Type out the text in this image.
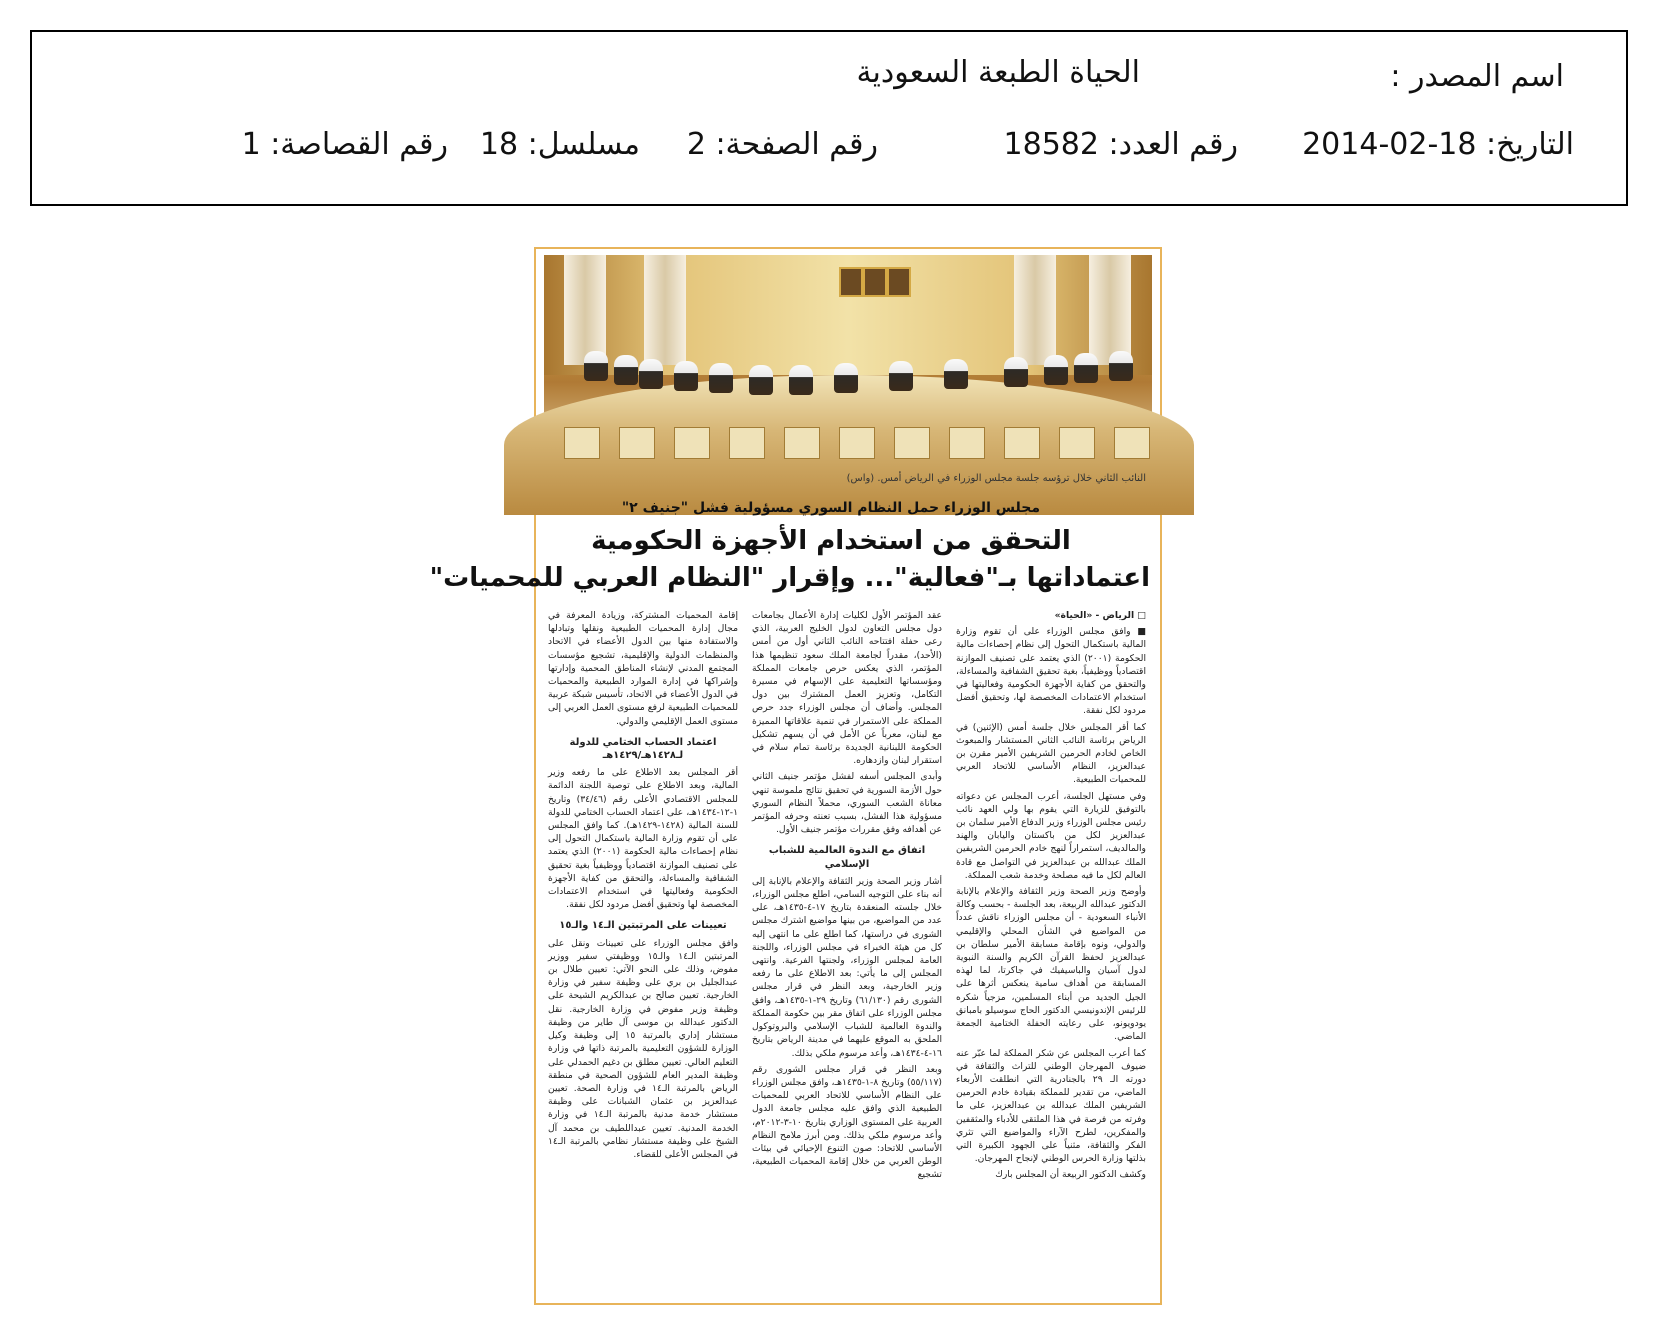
اسم المصدر :
الحياة الطبعة السعودية
التاريخ: 18-02-2014
رقم العدد: 18582
رقم الصفحة: 2
مسلسل: 18
رقم القصاصة: 1
النائب الثاني خلال ترؤسه جلسة مجلس الوزراء في الرياض أمس. (واس)
مجلس الوزراء حمل النظام السوري مسؤولية فشل "جنيف ٢"
التحقق من استخدام الأجهزة الحكومية
اعتماداتها بـ"فعالية"... وإقرار "النظام العربي للمحميات"

□ الرياض - «الحياة»

■ وافق مجلس الوزراء على أن تقوم وزارة المالية باستكمال التحول إلى نظام إحصاءات مالية الحكومة (٢٠٠١) الذي يعتمد على تصنيف الموازنة اقتصادياً ووظيفياً، بغية تحقيق الشفافية والمساءلة، والتحقق من كفاية الأجهزة الحكومية وفعاليتها في استخدام الاعتمادات المخصصة لها، وتحقيق أفضل مردود لكل نفقة.

كما أقر المجلس خلال جلسة أمس (الإثنين) في الرياض برئاسة النائب الثاني المستشار والمبعوث الخاص لخادم الحرمين الشريفين الأمير مقرن بن عبدالعزيز، النظام الأساسي للاتحاد العربي للمحميات الطبيعية.

وفي مستهل الجلسة، أعرب المجلس عن دعواته بالتوفيق للزيارة التي يقوم بها ولي العهد نائب رئيس مجلس الوزراء وزير الدفاع الأمير سلمان بن عبدالعزيز لكل من باكستان واليابان والهند والمالديف، استمراراً لنهج خادم الحرمين الشريفين الملك عبدالله بن عبدالعزيز في التواصل مع قادة العالم لكل ما فيه مصلحة وخدمة شعب المملكة.

وأوضح وزير الصحة وزير الثقافة والإعلام بالإنابة الدكتور عبدالله الربيعة، بعد الجلسة - بحسب وكالة الأنباء السعودية - أن مجلس الوزراء ناقش عدداً من المواضيع في الشأن المحلي والإقليمي والدولي، ونوه بإقامة مسابقة الأمير سلطان بن عبدالعزيز لحفظ القرآن الكريم والسنة النبوية لدول آسيان والباسيفيك في جاكرتا، لما لهذه المسابقة من أهداف سامية ينعكس أثرها على الجيل الجديد من أبناء المسلمين، مزجياً شكره للرئيس الإندونيسي الدكتور الحاج سوسيلو بامبانق يودويونو، على رعايته الحفلة الختامية الجمعة الماضي.

كما أعرب المجلس عن شكر المملكة لما عبّر عنه ضيوف المهرجان الوطني للتراث والثقافة في دورته الـ ٢٩ بالجنادرية التي انطلقت الأربعاء الماضي، من تقدير للمملكة بقيادة خادم الحرمين الشريفين الملك عبدالله بن عبدالعزيز، على ما وفرته من فرصة في هذا الملتقى للأدباء والمثقفين والمفكرين، لطرح الآراء والمواضيع التي تثري الفكر والثقافة، مثنياً على الجهود الكبيرة التي بذلتها وزارة الحرس الوطني لإنجاح المهرجان.

وكشف الدكتور الربيعة أن المجلس بارك

عقد المؤتمر الأول لكليات إدارة الأعمال بجامعات دول مجلس التعاون لدول الخليج العربية، الذي رعى حفلة افتتاحه النائب الثاني أول من أمس (الأحد)، مقدراً لجامعة الملك سعود تنظيمها هذا المؤتمر، الذي يعكس حرص جامعات المملكة ومؤسساتها التعليمية على الإسهام في مسيرة التكامل، وتعزيز العمل المشترك بين دول المجلس. وأضاف أن مجلس الوزراء جدد حرص المملكة على الاستمرار في تنمية علاقاتها المميزة مع لبنان، معرباً عن الأمل في أن يسهم تشكيل الحكومة اللبنانية الجديدة برئاسة تمام سلام في استقرار لبنان وازدهاره.

وأبدى المجلس أسفه لفشل مؤتمر جنيف الثاني حول الأزمة السورية في تحقيق نتائج ملموسة تنهي معاناة الشعب السوري، محملاً النظام السوري مسؤولية هذا الفشل، بسبب تعنته وحرفه المؤتمر عن أهدافه وفق مقررات مؤتمر جنيف الأول.

اتفاق مع الندوة العالمية للشباب الإسلامي

أشار وزير الصحة وزير الثقافة والإعلام بالإنابة إلى أنه بناء على التوجيه السامي، اطلع مجلس الوزراء، خلال جلسته المنعقدة بتاريخ ١٧-٤-١٤٣٥هـ، على عدد من المواضيع، من بينها مواضيع اشترك مجلس الشورى في دراستها، كما اطلع على ما انتهى إليه كل من هيئة الخبراء في مجلس الوزراء، واللجنة العامة لمجلس الوزراء، ولجنتها الفرعية. وانتهى المجلس إلى ما يأتي: بعد الاطلاع على ما رفعه وزير الخارجية، وبعد النظر في قرار مجلس الشورى رقم (٦١/١٣٠) وتاريخ ٢٩-١-١٤٣٥هـ، وافق مجلس الوزراء على اتفاق مقر بين حكومة المملكة والندوة العالمية للشباب الإسلامي والبروتوكول الملحق به الموقع عليهما في مدينة الرياض بتاريخ ١٦-٤-١٤٣٤هـ، وأعد مرسوم ملكي بذلك.

وبعد النظر في قرار مجلس الشورى رقم (٥٥/١١٧) وتاريخ ٨-١-١٤٣٥هـ، وافق مجلس الوزراء على النظام الأساسي للاتحاد العربي للمحميات الطبيعية الذي وافق عليه مجلس جامعة الدول العربية على المستوى الوزاري بتاريخ ١٠-٣-٢٠١٢م، وأعد مرسوم ملكي بذلك. ومن أبرز ملامح النظام الأساسي للاتحاد: صون التنوع الإحيائي في بيئات الوطن العربي من خلال إقامة المحميات الطبيعية، تشجيع

إقامة المحميات المشتركة، وزيادة المعرفة في مجال إدارة المحميات الطبيعية ونقلها وتبادلها والاستفادة منها بين الدول الأعضاء في الاتحاد والمنظمات الدولية والإقليمية، تشجيع مؤسسات المجتمع المدني لإنشاء المناطق المحمية وإدارتها وإشراكها في إدارة الموارد الطبيعية والمحميات في الدول الأعضاء في الاتحاد، تأسيس شبكة عربية للمحميات الطبيعية لرفع مستوى العمل العربي إلى مستوى العمل الإقليمي والدولي.

اعتماد الحساب الختامي للدولة لـ١٤٢٨هـ/١٤٢٩هـ

أقر المجلس بعد الاطلاع على ما رفعه وزير المالية، وبعد الاطلاع على توصية اللجنة الدائمة للمجلس الاقتصادي الأعلى رقم (٣٤/٤٦) وتاريخ ١-١٢-١٤٣٤هـ، على اعتماد الحساب الختامي للدولة للسنة المالية (١٤٢٨-١٤٢٩هـ). كما وافق المجلس على أن تقوم وزارة المالية باستكمال التحول إلى نظام إحصاءات مالية الحكومة (٢٠٠١) الذي يعتمد على تصنيف الموازنة اقتصادياً ووظيفياً بغية تحقيق الشفافية والمساءلة، والتحقق من كفاية الأجهزة الحكومية وفعاليتها في استخدام الاعتمادات المخصصة لها وتحقيق أفضل مردود لكل نفقة.

تعيينات على المرتبتين الـ١٤ والـ١٥

وافق مجلس الوزراء على تعيينات ونقل على المرتبتين الـ١٤ والـ١٥ ووظيفتي سفير ووزير مفوض، وذلك على النحو الآتي: تعيين طلال بن عبدالجليل بن بري على وظيفة سفير في وزارة الخارجية. تعيين صالح بن عبدالكريم الشيحة على وظيفة وزير مفوض في وزارة الخارجية. نقل الدكتور عبدالله بن موسى آل طاير من وظيفة مستشار إداري بالمرتبة ١٥ إلى وظيفة وكيل الوزارة للشؤون التعليمية بالمرتبة ذاتها في وزارة التعليم العالي. تعيين مطلق بن دغيم الحمدلي على وظيفة المدير العام للشؤون الصحية في منطقة الرياض بالمرتبة الـ١٤ في وزارة الصحة. تعيين عبدالعزيز بن عثمان الشبانات على وظيفة مستشار خدمة مدنية بالمرتبة الـ١٤ في وزارة الخدمة المدنية. تعيين عبداللطيف بن محمد آل الشيخ على وظيفة مستشار نظامي بالمرتبة الـ١٤ في المجلس الأعلى للقضاء.
